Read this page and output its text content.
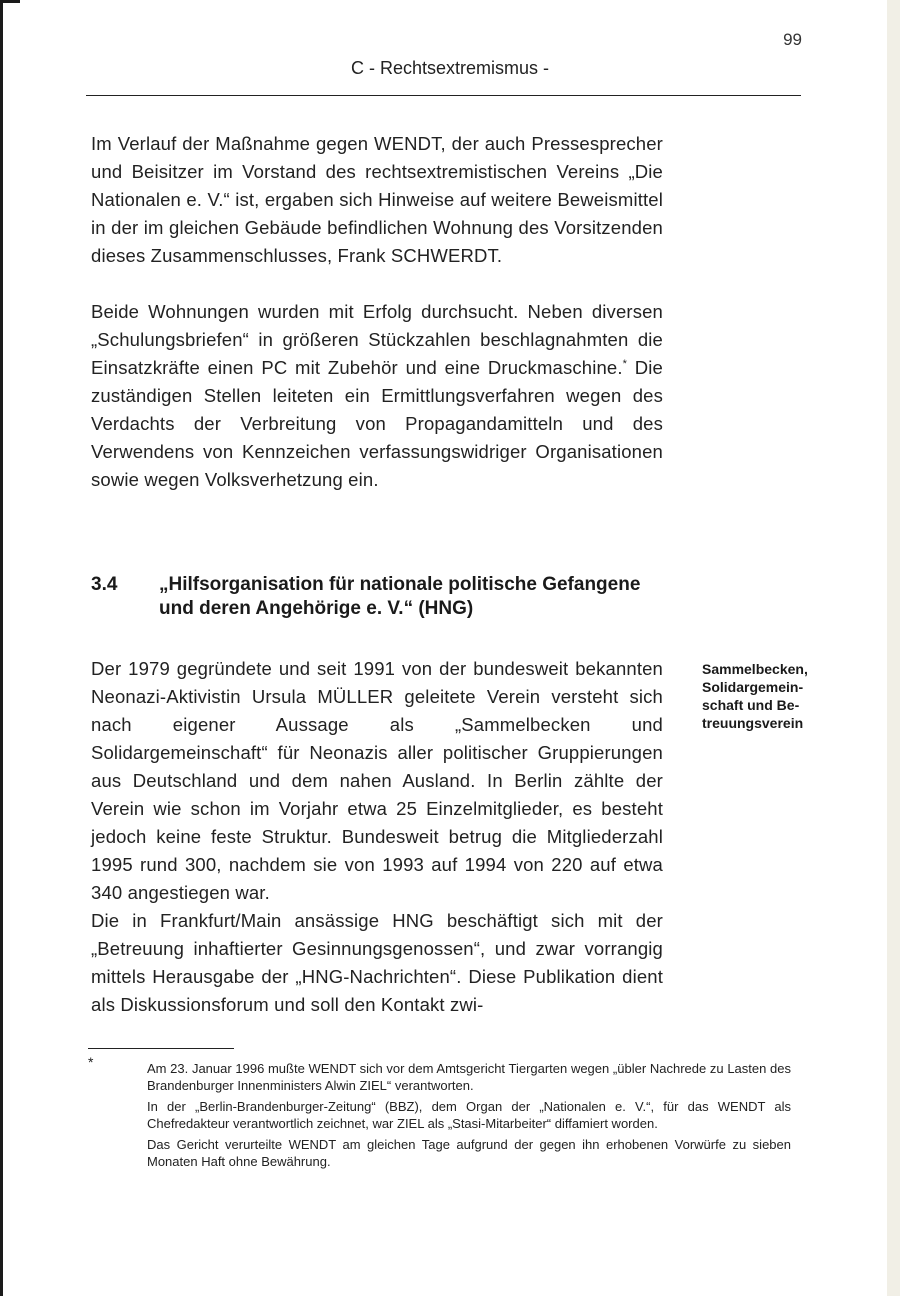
99
C - Rechtsextremismus -

Im Verlauf der Maßnahme gegen WENDT, der auch Pressesprecher und Beisitzer im Vorstand des rechtsextremistischen Vereins „Die Nationalen e. V.“ ist, ergaben sich Hinweise auf weitere Beweismittel in der im gleichen Gebäude befindlichen Wohnung des Vorsitzenden dieses Zusammenschlusses, Frank SCHWERDT.

Beide Wohnungen wurden mit Erfolg durchsucht. Neben diversen „Schulungsbriefen“ in größeren Stückzahlen beschlagnahmten die Einsatzkräfte einen PC mit Zubehör und eine Druckmaschine.* Die zuständigen Stellen leiteten ein Ermittlungsverfahren wegen des Verdachts der Verbreitung von Propagandamitteln und des Verwendens von Kennzeichen verfassungswidriger Organisationen sowie wegen Volksverhetzung ein.

3.4 „Hilfsorganisation für nationale politische Gefangene und deren Angehörige e. V.“ (HNG)

Der 1979 gegründete und seit 1991 von der bundesweit bekannten Neonazi-Aktivistin Ursula MÜLLER geleitete Verein versteht sich nach eigener Aussage als „Sammelbecken und Solidargemeinschaft“ für Neonazis aller politischer Gruppierungen aus Deutschland und dem nahen Ausland. In Berlin zählte der Verein wie schon im Vorjahr etwa 25 Einzelmitglieder, es besteht jedoch keine feste Struktur. Bundesweit betrug die Mitgliederzahl 1995 rund 300, nachdem sie von 1993 auf 1994 von 220 auf etwa 340 angestiegen war.

Die in Frankfurt/Main ansässige HNG beschäftigt sich mit der „Betreuung inhaftierter Gesinnungsgenossen“, und zwar vorrangig mittels Herausgabe der „HNG-Nachrichten“. Diese Publikation dient als Diskussionsforum und soll den Kontakt zwi-

Sammelbecken,
Solidargemein-
schaft und Be-
treuungsverein
*	Am 23. Januar 1996 mußte WENDT sich vor dem Amtsgericht Tiergarten wegen „übler Nachrede zu Lasten des Brandenburger Innenministers Alwin ZIEL“ verantworten.

In der „Berlin-Brandenburger-Zeitung“ (BBZ), dem Organ der „Nationalen e. V.“, für das WENDT als Chefredakteur verantwortlich zeichnet, war ZIEL als „Stasi-Mitarbeiter“ diffamiert worden.

Das Gericht verurteilte WENDT am gleichen Tage aufgrund der gegen ihn erhobenen Vorwürfe zu sieben Monaten Haft ohne Bewährung.
